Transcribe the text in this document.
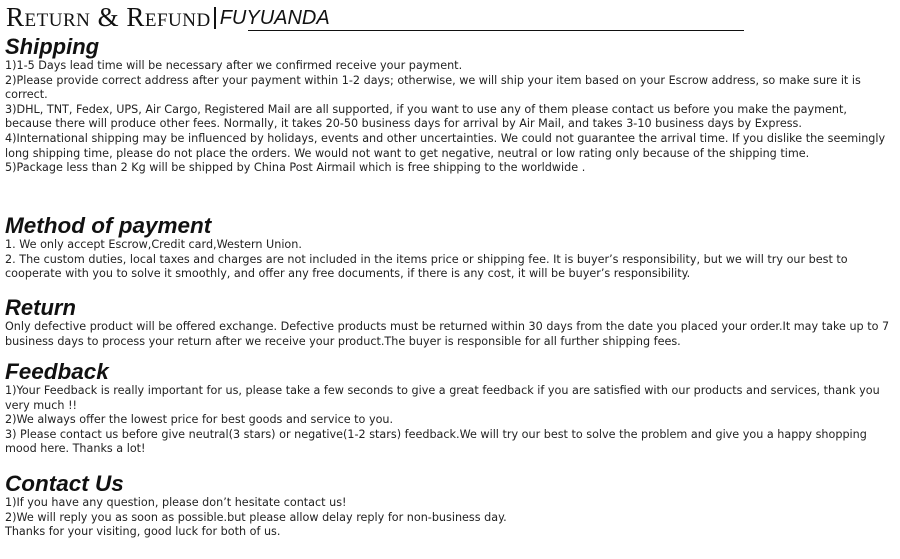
Return & Refund FUYUANDA
Shipping

1)1-5 Days lead time will be necessary after we confirmed receive your payment.

2)Please provide correct address after your payment within 1-2 days; otherwise, we will ship your item based on your Escrow address, so make sure it is correct.

3)DHL, TNT, Fedex, UPS, Air Cargo, Registered Mail are all supported, if you want to use any of them please contact us before you make the payment, because there will produce other fees. Normally, it takes 20-50 business days for arrival by Air Mail, and takes 3-10 business days by Express.

4)International shipping may be influenced by holidays, events and other uncertainties. We could not guarantee the arrival time. If you dislike the seemingly long shipping time, please do not place the orders. We would not want to get negative, neutral or low rating only because of the shipping time.

5)Package less than 2 Kg will be shipped by China Post Airmail which is free shipping to the worldwide .

Method of payment

1. We only accept Escrow,Credit card,Western Union.

2. The custom duties, local taxes and charges are not included in the items price or shipping fee. It is buyer’s responsibility, but we will try our best to cooperate with you to solve it smoothly, and offer any free documents, if there is any cost, it will be buyer’s responsibility.

Return

Only defective product will be offered exchange. Defective products must be returned within 30 days from the date you placed your order.It may take up to 7 business days to process your return after we receive your product.The buyer is responsible for all further shipping fees.

Feedback

1)Your Feedback is really important for us, please take a few seconds to give a great feedback if you are satisfied with our products and services, thank you very much !!

2)We always offer the lowest price for best goods and service to you.

3) Please contact us before give neutral(3 stars) or negative(1-2 stars) feedback.We will try our best to solve the problem and give you a happy shopping mood here. Thanks a lot!

Contact Us

1)If you have any question, please don’t hesitate contact us!

2)We will reply you as soon as possible.but please allow delay reply for non-business day.

Thanks for your visiting, good luck for both of us.
